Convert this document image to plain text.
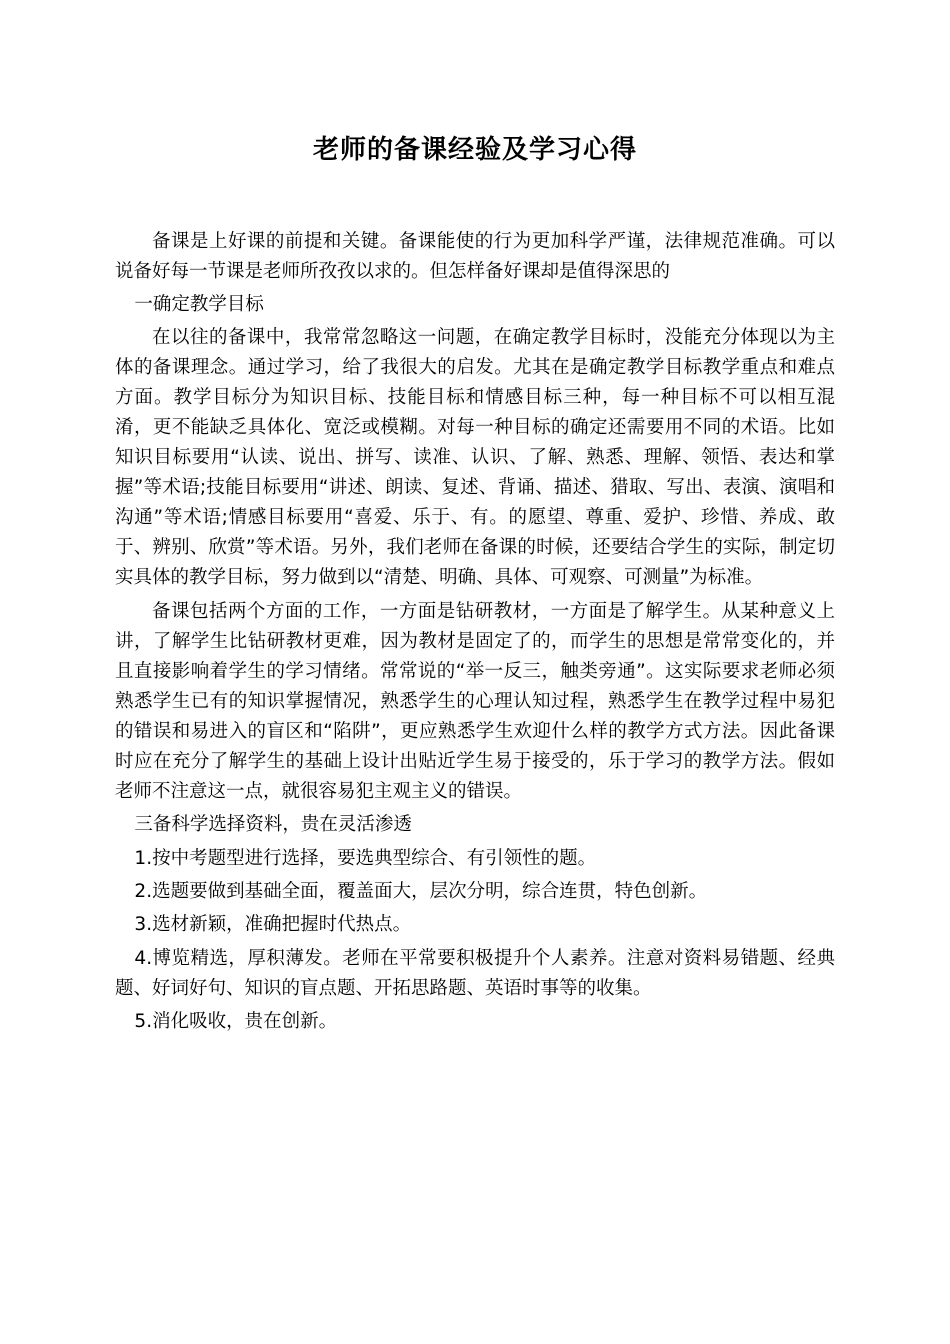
老师的备课经验及学习心得

备课是上好课的前提和关键。备课能使的行为更加科学严谨，法律规范准确。可以说备好每一节课是老师所孜孜以求的。但怎样备好课却是值得深思的

一确定教学目标

在以往的备课中，我常常忽略这一问题，在确定教学目标时，没能充分体现以为主体的备课理念。通过学习，给了我很大的启发。尤其在是确定教学目标教学重点和难点方面。教学目标分为知识目标、技能目标和情感目标三种，每一种目标不可以相互混淆，更不能缺乏具体化、宽泛或模糊。对每一种目标的确定还需要用不同的术语。比如知识目标要用“认读、说出、拼写、读准、认识、了解、熟悉、理解、领悟、表达和掌握”等术语;技能目标要用“讲述、朗读、复述、背诵、描述、猎取、写出、表演、演唱和沟通”等术语;情感目标要用“喜爱、乐于、有。的愿望、尊重、爱护、珍惜、养成、敢于、辨别、欣赏”等术语。另外，我们老师在备课的时候，还要结合学生的实际，制定切实具体的教学目标，努力做到以“清楚、明确、具体、可观察、可测量”为标准。

备课包括两个方面的工作，一方面是钻研教材，一方面是了解学生。从某种意义上讲，了解学生比钻研教材更难，因为教材是固定了的，而学生的思想是常常变化的，并且直接影响着学生的学习情绪。常常说的“举一反三，触类旁通”。这实际要求老师必须熟悉学生已有的知识掌握情况，熟悉学生的心理认知过程，熟悉学生在教学过程中易犯的错误和易进入的盲区和“陷阱”，更应熟悉学生欢迎什么样的教学方式方法。因此备课时应在充分了解学生的基础上设计出贴近学生易于接受的，乐于学习的教学方法。假如老师不注意这一点，就很容易犯主观主义的错误。

三备科学选择资料，贵在灵活渗透

1.按中考题型进行选择，要选典型综合、有引领性的题。

2.选题要做到基础全面，覆盖面大，层次分明，综合连贯，特色创新。

3.选材新颖，准确把握时代热点。

4.博览精选，厚积薄发。老师在平常要积极提升个人素养。注意对资料易错题、经典题、好词好句、知识的盲点题、开拓思路题、英语时事等的收集。

5.消化吸收，贵在创新。
